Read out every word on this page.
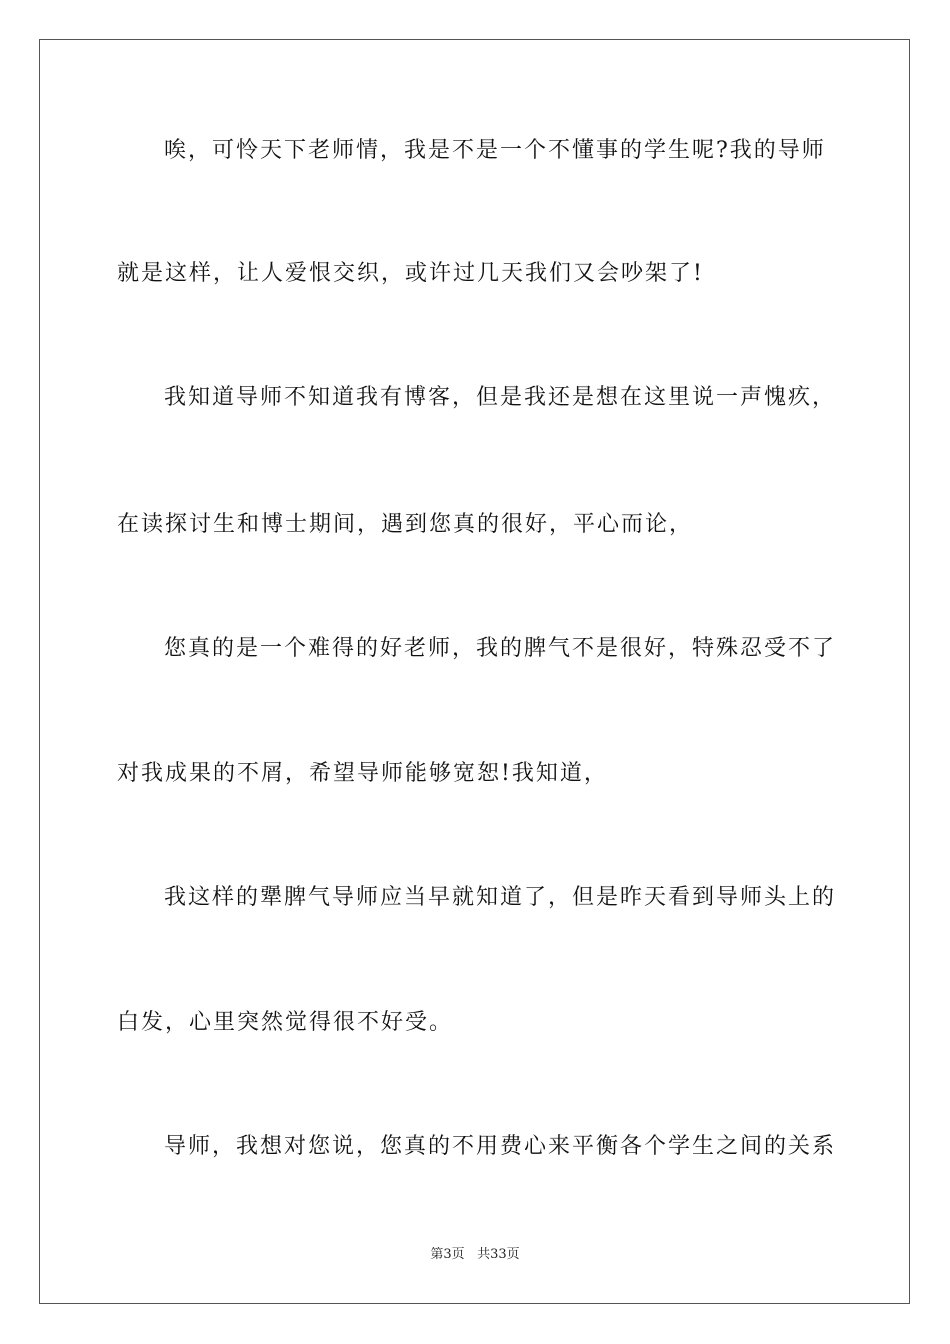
唉，可怜天下老师情，我是不是一个不懂事的学生呢?我的导师
就是这样，让人爱恨交织，或许过几天我们又会吵架了!
我知道导师不知道我有博客，但是我还是想在这里说一声愧疚，
在读探讨生和博士期间，遇到您真的很好，平心而论，
您真的是一个难得的好老师，我的脾气不是很好，特殊忍受不了
对我成果的不屑，希望导师能够宽恕!我知道，
我这样的犟脾气导师应当早就知道了，但是昨天看到导师头上的
白发，心里突然觉得很不好受。
导师，我想对您说，您真的不用费心来平衡各个学生之间的关系
第3页 共33页
